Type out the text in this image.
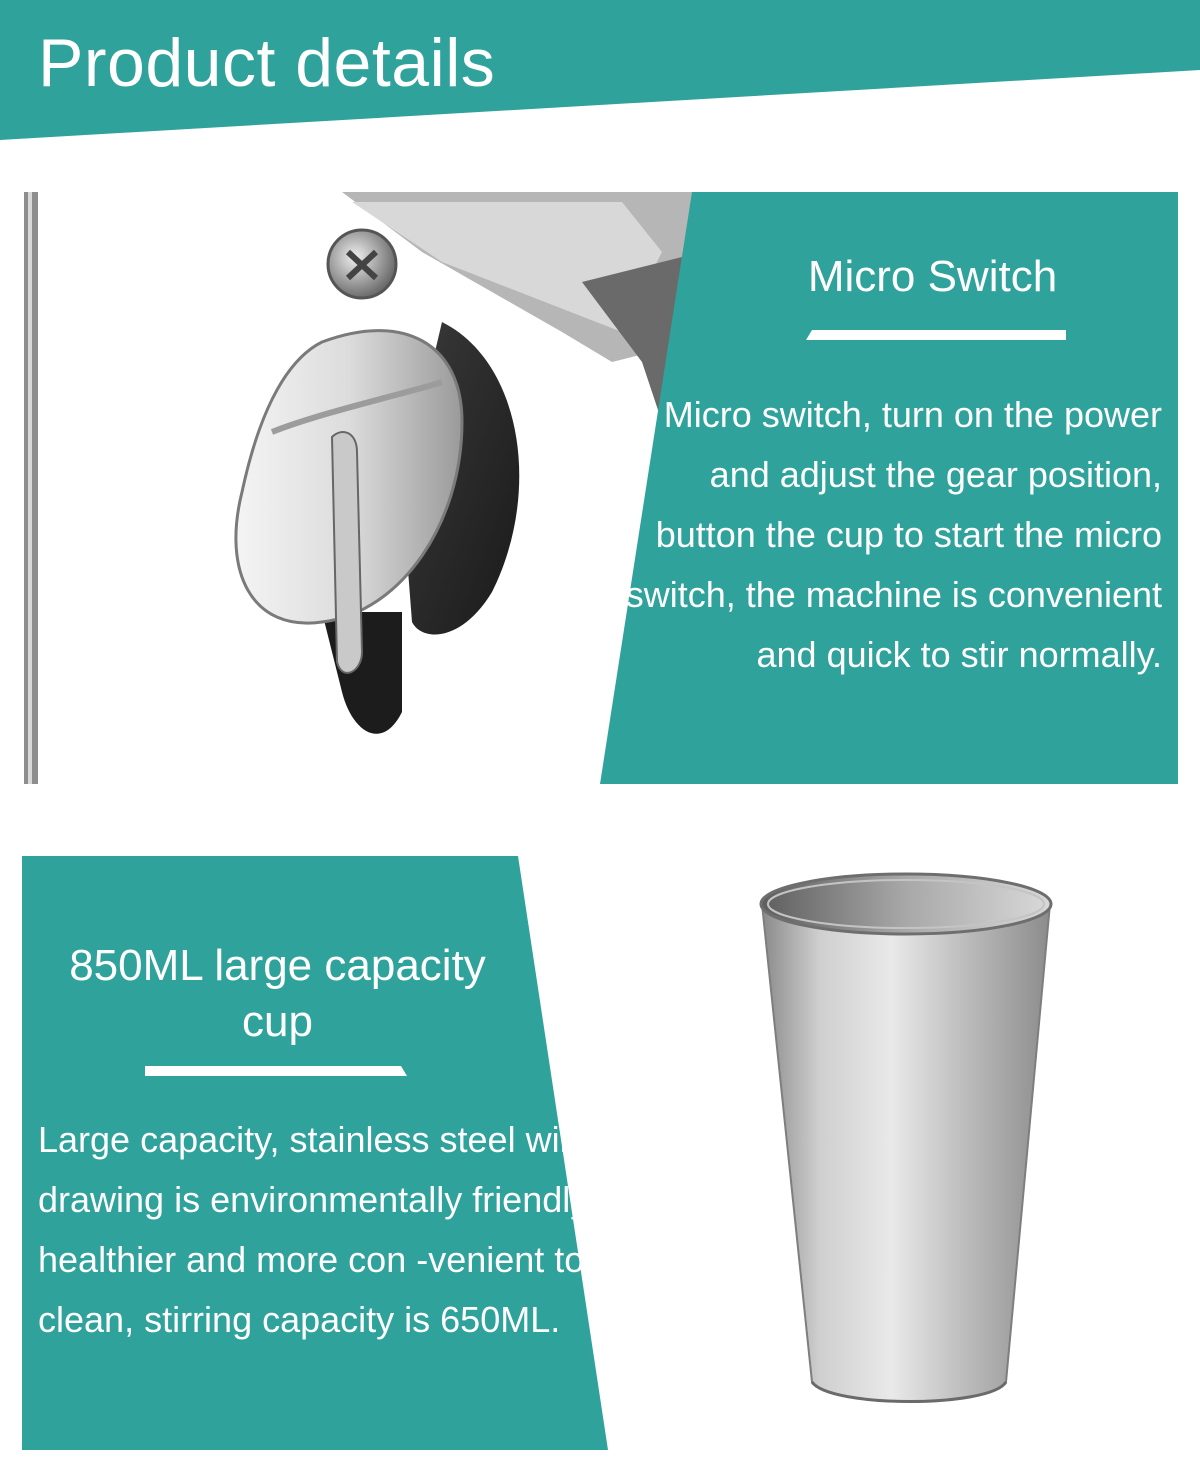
Product details
Micro Switch
Micro switch, turn on the power and adjust the gear position, button the cup to start the micro switch, the machine is convenient and quick to stir normally.
850ML large capacity cup
Large capacity, stainless steel wire drawing is environmentally friendly, healthier and more con -venient to clean, stirring capacity is 650ML.
